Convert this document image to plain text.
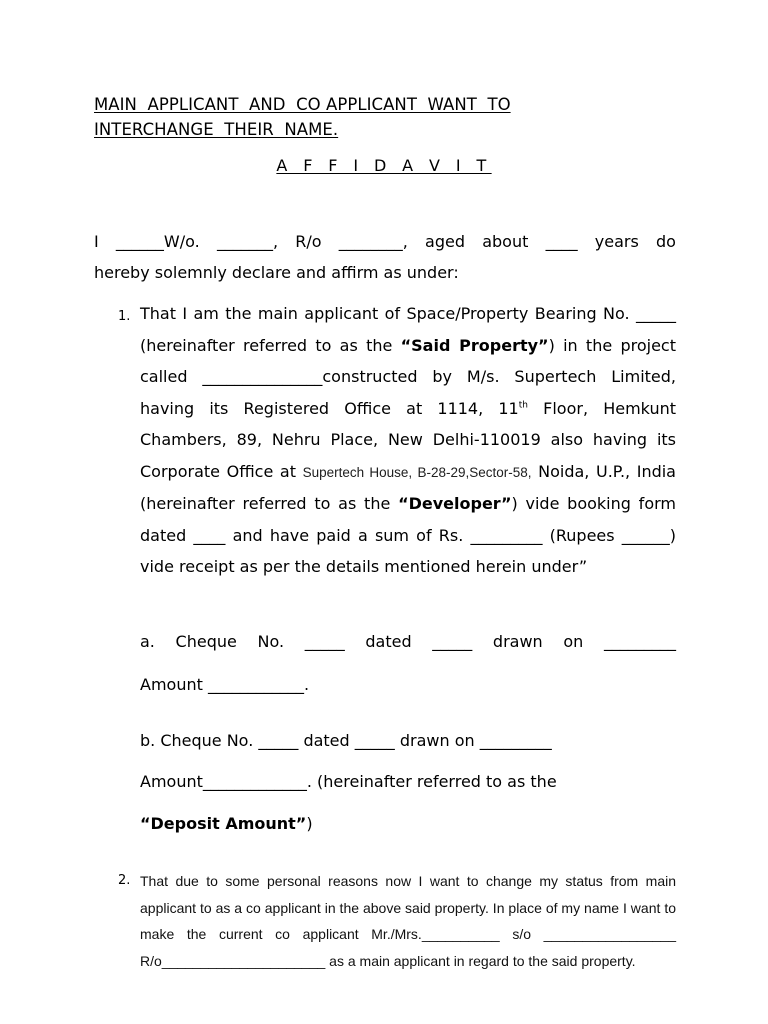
MAIN  APPLICANT  AND  CO APPLICANT  WANT  TO
INTERCHANGE  THEIR  NAME.
A F F I D A V I T
I ______W/o. _______, R/o ________, aged about ____ years do
hereby solemnly declare and affirm as under:
1. That I am the main applicant of Space/Property Bearing No. _____ (hereinafter referred to as the “Said Property”) in the project called _______________constructed by M/s. Supertech Limited, having its Registered Office at 1114, 11th Floor, Hemkunt Chambers, 89, Nehru Place, New Delhi-110019 also having its Corporate Office at Supertech House, B-28-29,Sector-58, Noida, U.P., India (hereinafter referred to as the “Developer”) vide booking form dated ____ and have paid a sum of Rs. _________ (Rupees ______) vide receipt as per the details mentioned herein under”
a. Cheque No. _____ dated _____ drawn on _________
Amount ____________.
b. Cheque No. _____ dated _____ drawn on _________
Amount_____________. (hereinafter referred to as the
“Deposit Amount”)
2. That due to some personal reasons now I want to change my status from main applicant to as a co applicant in the above said property. In place of my name I want to make the current co applicant Mr./Mrs.__________ s/o _________________ R/o_____________________ as a main applicant in regard to the said property.
